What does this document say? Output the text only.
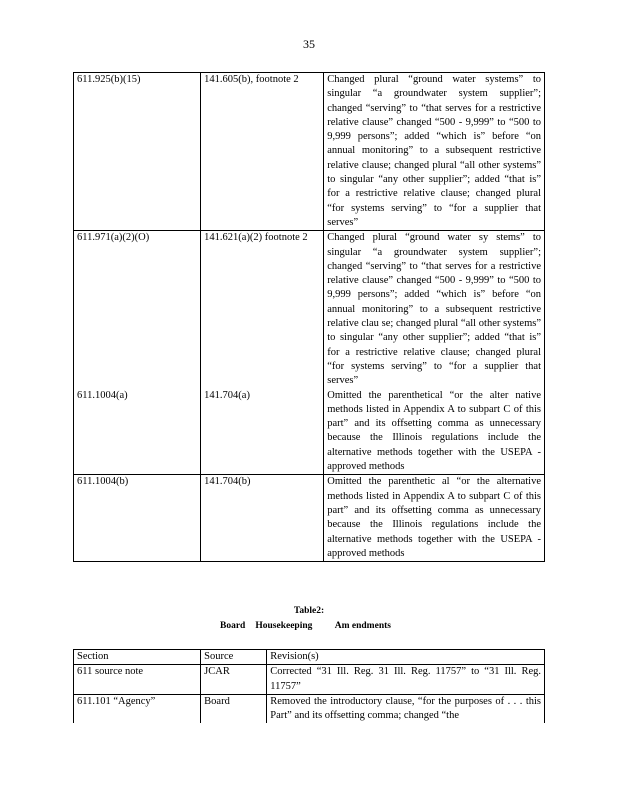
35
611.925(b)(15)	141.605(b), footnote 2	Changed plural “ground water systems” to singular “a groundwater system supplier”; changed “serving” to “that serves for a restrictive relative clause” changed “500 - 9,999” to “500 to 9,999 persons”; added “which is” before “on annual monitoring” to a subsequent restrictive relative clause; changed plural “all other systems” to singular “any other supplier”; added “that is” for a restrictive relative clause; changed plural “for systems serving” to “for a supplier that serves”
611.971(a)(2)(O)	141.621(a)(2) footnote 2	Changed plural “ground water sy stems” to singular “a groundwater system supplier”; changed “serving” to “that serves for a restrictive relative clause” changed “500 - 9,999” to “500 to 9,999 persons”; added “which is” before “on annual monitoring” to a subsequent restrictive relative clau se; changed plural “all other systems” to singular “any other supplier”; added “that is” for a restrictive relative clause; changed plural “for systems serving” to “for a supplier that serves”
611.1004(a)	141.704(a)	Omitted the parenthetical “or the alter native methods listed in Appendix A to subpart C of this part” and its offsetting comma as unnecessary because the Illinois regulations include the alternative methods together with the USEPA -approved methods
611.1004(b)	141.704(b)	Omitted the parenthetic al “or the alternative methods listed in Appendix A to subpart C of this part” and its offsetting comma as unnecessary because the Illinois regulations include the alternative methods together with the USEPA -approved methods
Table2:
Board Housekeeping Am endments
Section	Source	Revision(s)
611 source note	JCAR	Corrected “31 Ill. Reg. 31 Ill. Reg. 11757” to “31 Ill. Reg. 11757”
611.101 “Agency”	Board	Removed the introductory clause, “for the purposes of . . . this Part” and its offsetting comma; changed “the
